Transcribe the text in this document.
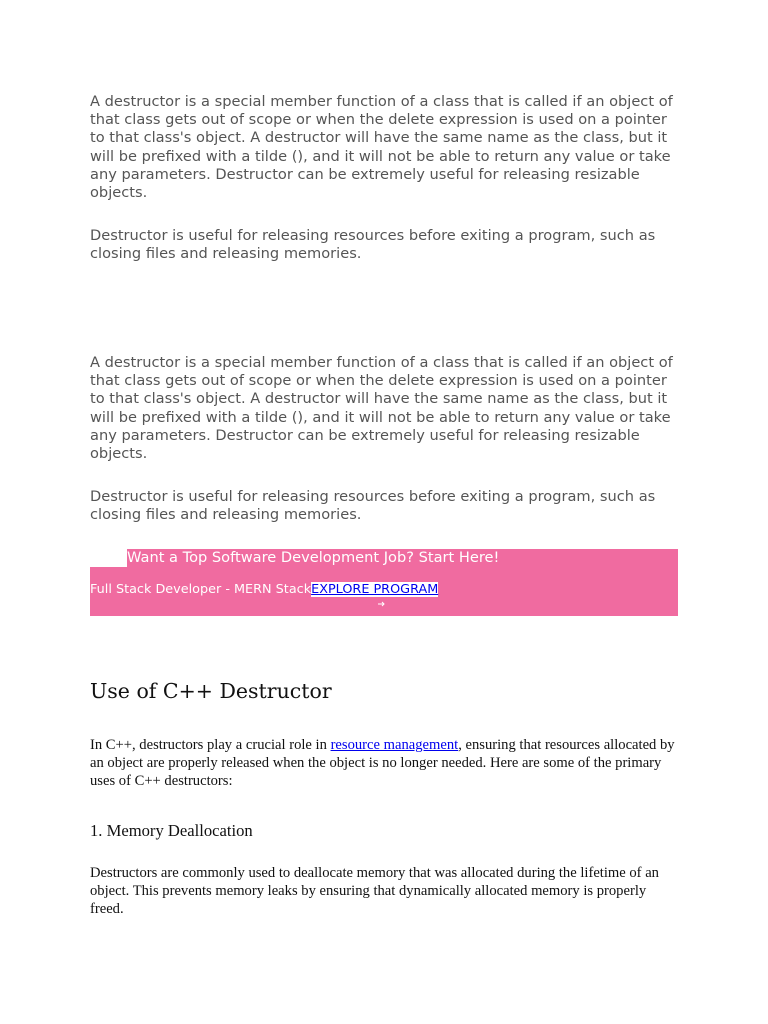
A destructor is a special member function of a class that is called if an object of that class gets out of scope or when the delete expression is used on a pointer to that class's object. A destructor will have the same name as the class, but it will be prefixed with a tilde (), and it will not be able to return any value or take any parameters. Destructor can be extremely useful for releasing resizable objects.

Destructor is useful for releasing resources before exiting a program, such as closing files and releasing memories.

A destructor is a special member function of a class that is called if an object of that class gets out of scope or when the delete expression is used on a pointer to that class's object. A destructor will have the same name as the class, but it will be prefixed with a tilde (), and it will not be able to return any value or take any parameters. Destructor can be extremely useful for releasing resizable objects.

Destructor is useful for releasing resources before exiting a program, such as closing files and releasing memories.

Want a Top Software Development Job? Start Here!
Full Stack Developer - MERN StackEXPLORE PROGRAM
Use of C++ Destructor

In C++, destructors play a crucial role in resource management, ensuring that resources allocated by an object are properly released when the object is no longer needed. Here are some of the primary uses of C++ destructors:

1. Memory Deallocation

Destructors are commonly used to deallocate memory that was allocated during the lifetime of an object. This prevents memory leaks by ensuring that dynamically allocated memory is properly freed.
